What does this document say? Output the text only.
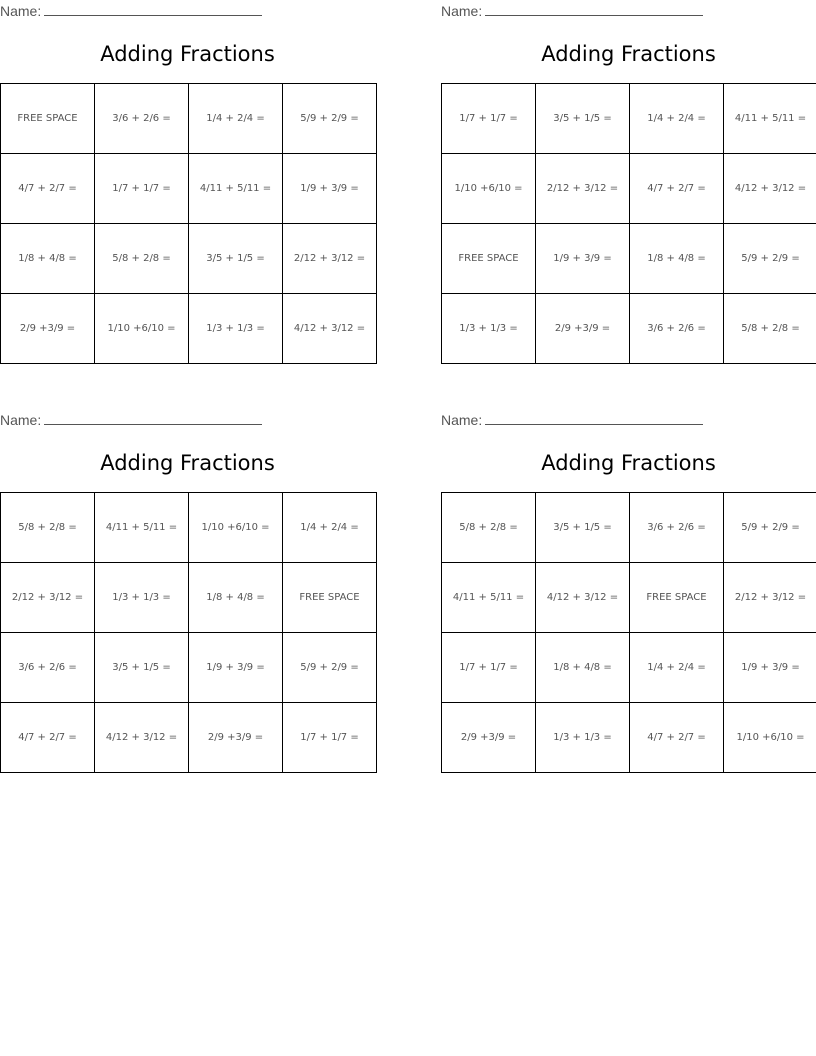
Name:
Adding Fractions
FREE SPACE	3/6 + 2/6 =	1/4 + 2/4 =	5/9 + 2/9 =
4/7 + 2/7 =	1/7 + 1/7 =	4/11 + 5/11 =	1/9 + 3/9 =
1/8 + 4/8 =	5/8 + 2/8 =	3/5 + 1/5 =	2/12 + 3/12 =
2/9 +3/9 =	1/10 +6/10 =	1/3 + 1/3 =	4/12 + 3/12 =
Name:
Adding Fractions
1/7 + 1/7 =	3/5 + 1/5 =	1/4 + 2/4 =	4/11 + 5/11 =
1/10 +6/10 =	2/12 + 3/12 =	4/7 + 2/7 =	4/12 + 3/12 =
FREE SPACE	1/9 + 3/9 =	1/8 + 4/8 =	5/9 + 2/9 =
1/3 + 1/3 =	2/9 +3/9 =	3/6 + 2/6 =	5/8 + 2/8 =
Name:
Adding Fractions
5/8 + 2/8 =	4/11 + 5/11 =	1/10 +6/10 =	1/4 + 2/4 =
2/12 + 3/12 =	1/3 + 1/3 =	1/8 + 4/8 =	FREE SPACE
3/6 + 2/6 =	3/5 + 1/5 =	1/9 + 3/9 =	5/9 + 2/9 =
4/7 + 2/7 =	4/12 + 3/12 =	2/9 +3/9 =	1/7 + 1/7 =
Name:
Adding Fractions
5/8 + 2/8 =	3/5 + 1/5 =	3/6 + 2/6 =	5/9 + 2/9 =
4/11 + 5/11 =	4/12 + 3/12 =	FREE SPACE	2/12 + 3/12 =
1/7 + 1/7 =	1/8 + 4/8 =	1/4 + 2/4 =	1/9 + 3/9 =
2/9 +3/9 =	1/3 + 1/3 =	4/7 + 2/7 =	1/10 +6/10 =
